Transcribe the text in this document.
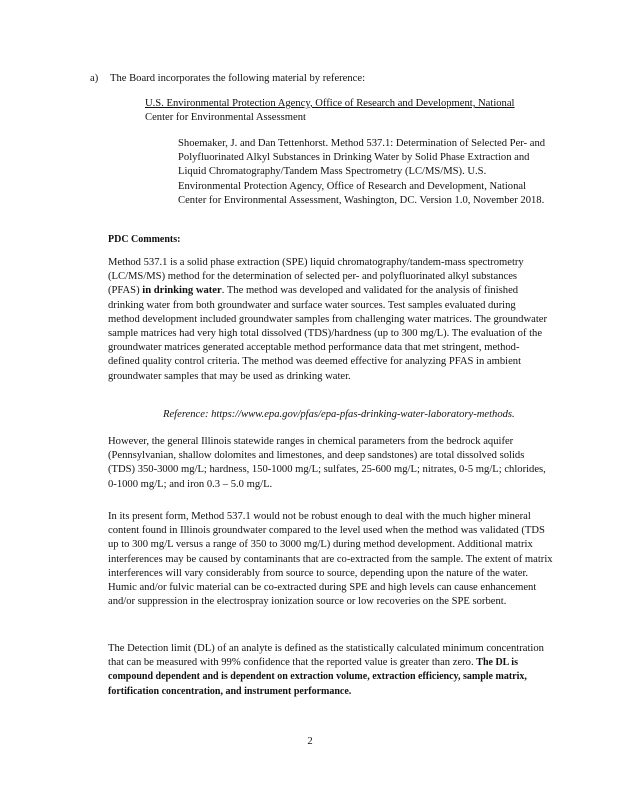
a) The Board incorporates the following material by reference:

U.S. Environmental Protection Agency, Office of Research and Development, National
Center for Environmental Assessment

Shoemaker, J. and Dan Tettenhorst. Method 537.1: Determination of Selected Per- and Polyfluorinated Alkyl Substances in Drinking Water by Solid Phase Extraction and Liquid Chromatography/Tandem Mass Spectrometry (LC/MS/MS). U.S. Environmental Protection Agency, Office of Research and Development, National Center for Environmental Assessment, Washington, DC. Version 1.0, November 2018.

PDC Comments:

Method 537.1 is a solid phase extraction (SPE) liquid chromatography/tandem-mass spectrometry (LC/MS/MS) method for the determination of selected per- and polyfluorinated alkyl substances (PFAS) in drinking water. The method was developed and validated for the analysis of finished drinking water from both groundwater and surface water sources. Test samples evaluated during method development included groundwater samples from challenging water matrices. The groundwater sample matrices had very high total dissolved (TDS)/hardness (up to 300 mg/L). The evaluation of the groundwater matrices generated acceptable method performance data that met stringent, method-defined quality control criteria. The method was deemed effective for analyzing PFAS in ambient groundwater samples that may be used as drinking water.

Reference: https://www.epa.gov/pfas/epa-pfas-drinking-water-laboratory-methods.

However, the general Illinois statewide ranges in chemical parameters from the bedrock aquifer (Pennsylvanian, shallow dolomites and limestones, and deep sandstones) are total dissolved solids (TDS) 350-3000 mg/L; hardness, 150-1000 mg/L; sulfates, 25-600 mg/L; nitrates, 0-5 mg/L; chlorides, 0-1000 mg/L; and iron 0.3 – 5.0 mg/L.

In its present form, Method 537.1 would not be robust enough to deal with the much higher mineral content found in Illinois groundwater compared to the level used when the method was validated (TDS up to 300 mg/L versus a range of 350 to 3000 mg/L) during method development. Additional matrix interferences may be caused by contaminants that are co-extracted from the sample. The extent of matrix interferences will vary considerably from source to source, depending upon the nature of the water. Humic and/or fulvic material can be co-extracted during SPE and high levels can cause enhancement and/or suppression in the electrospray ionization source or low recoveries on the SPE sorbent.

The Detection limit (DL) of an analyte is defined as the statistically calculated minimum concentration that can be measured with 99% confidence that the reported value is greater than zero. The DL is compound dependent and is dependent on extraction volume, extraction efficiency, sample matrix, fortification concentration, and instrument performance.

2
